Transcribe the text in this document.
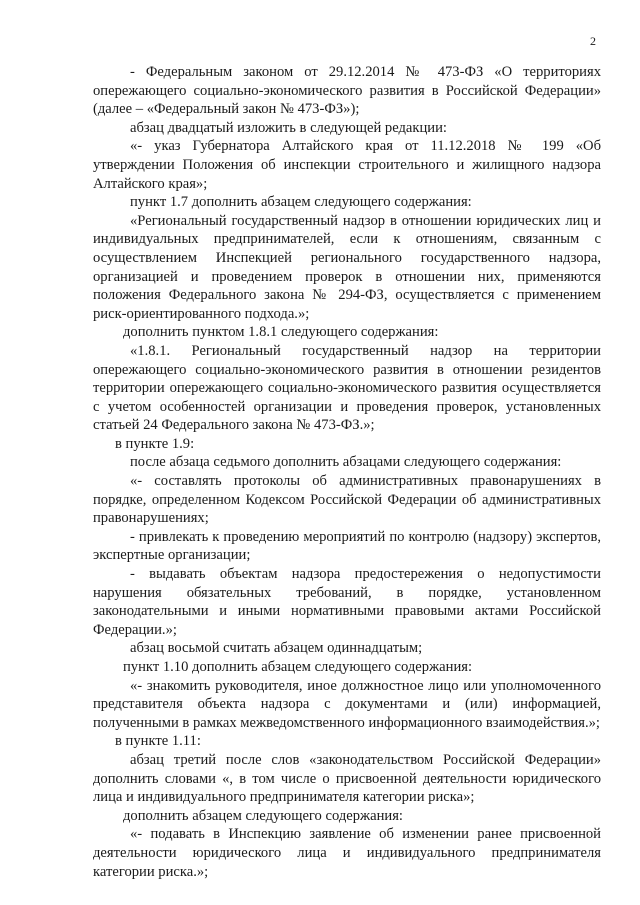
2

- Федеральным законом от 29.12.2014 № 473-ФЗ «О территориях опережающего социально-экономического развития в Российской Федерации» (далее – «Федеральный закон № 473-ФЗ»);

абзац двадцатый изложить в следующей редакции:

«- указ Губернатора Алтайского края от 11.12.2018 № 199 «Об утверждении Положения об инспекции строительного и жилищного надзора Алтайского края»;

пункт 1.7 дополнить абзацем следующего содержания:

«Региональный государственный надзор в отношении юридических лиц и индивидуальных предпринимателей, если к отношениям, связанным с осуществлением Инспекцией регионального государственного надзора, организацией и проведением проверок в отношении них, применяются положения Федерального закона № 294-ФЗ, осуществляется с применением риск-ориентированного подхода.»;

дополнить пунктом 1.8.1 следующего содержания:

«1.8.1. Региональный государственный надзор на территории опережающего социально-экономического развития в отношении резидентов территории опережающего социально-экономического развития осуществляется с учетом особенностей организации и проведения проверок, установленных статьей 24 Федерального закона № 473-ФЗ.»;

в пункте 1.9:

после абзаца седьмого дополнить абзацами следующего содержания:

«- составлять протоколы об административных правонарушениях в порядке, определенном Кодексом Российской Федерации об административных правонарушениях;

- привлекать к проведению мероприятий по контролю (надзору) экспертов, экспертные организации;

- выдавать объектам надзора предостережения о недопустимости нарушения обязательных требований, в порядке, установленном законодательными и иными нормативными правовыми актами Российской Федерации.»;

абзац восьмой считать абзацем одиннадцатым;

пункт 1.10 дополнить абзацем следующего содержания:

«- знакомить руководителя, иное должностное лицо или уполномоченного представителя объекта надзора с документами и (или) информацией, полученными в рамках межведомственного информационного взаимодействия.»;

в пункте 1.11:

абзац третий после слов «законодательством Российской Федерации» дополнить словами «, в том числе о присвоенной деятельности юридического лица и индивидуального предпринимателя категории риска»;

дополнить абзацем следующего содержания:

«- подавать в Инспекцию заявление об изменении ранее присвоенной деятельности юридического лица и индивидуального предпринимателя категории риска.»;
